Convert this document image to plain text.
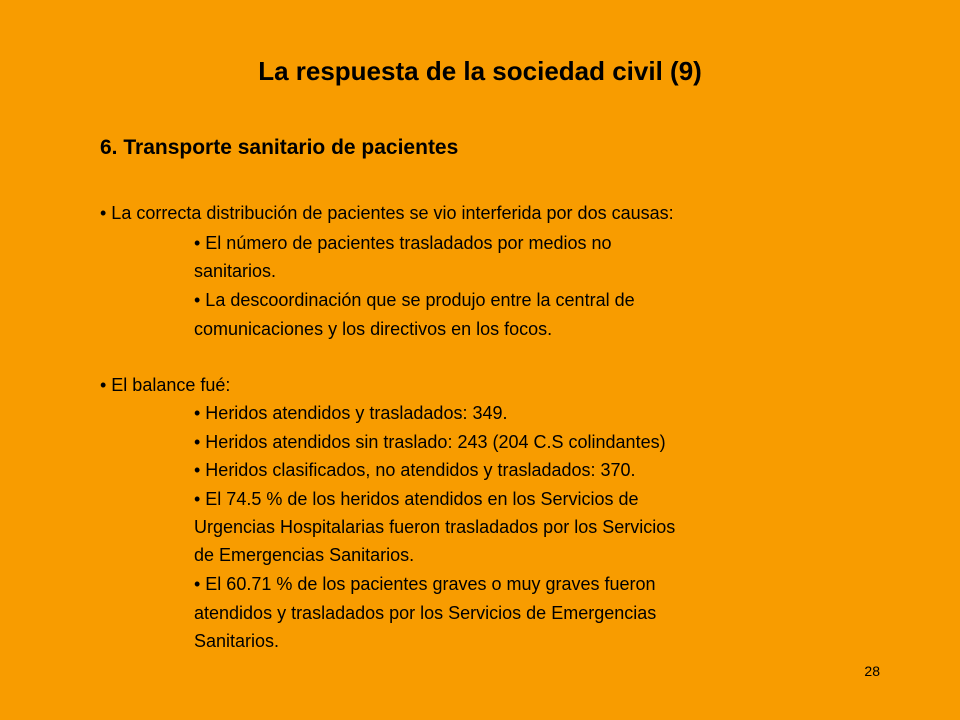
La respuesta de la sociedad civil (9)
6. Transporte sanitario de pacientes

• La correcta distribución de pacientes se vio interferida por dos causas:

• El número de pacientes trasladados por medios no

sanitarios.

• La descoordinación que se produjo entre la central de

comunicaciones y los directivos en los focos.

• El balance fué:

• Heridos atendidos y trasladados: 349.

• Heridos atendidos sin traslado: 243 (204 C.S colindantes)

• Heridos clasificados, no atendidos y trasladados: 370.

• El 74.5 % de los heridos atendidos en los Servicios de

Urgencias Hospitalarias fueron trasladados por los Servicios

de Emergencias Sanitarios.

• El 60.71 % de los pacientes graves o muy graves fueron

atendidos y trasladados por los Servicios de Emergencias

Sanitarios.

28
